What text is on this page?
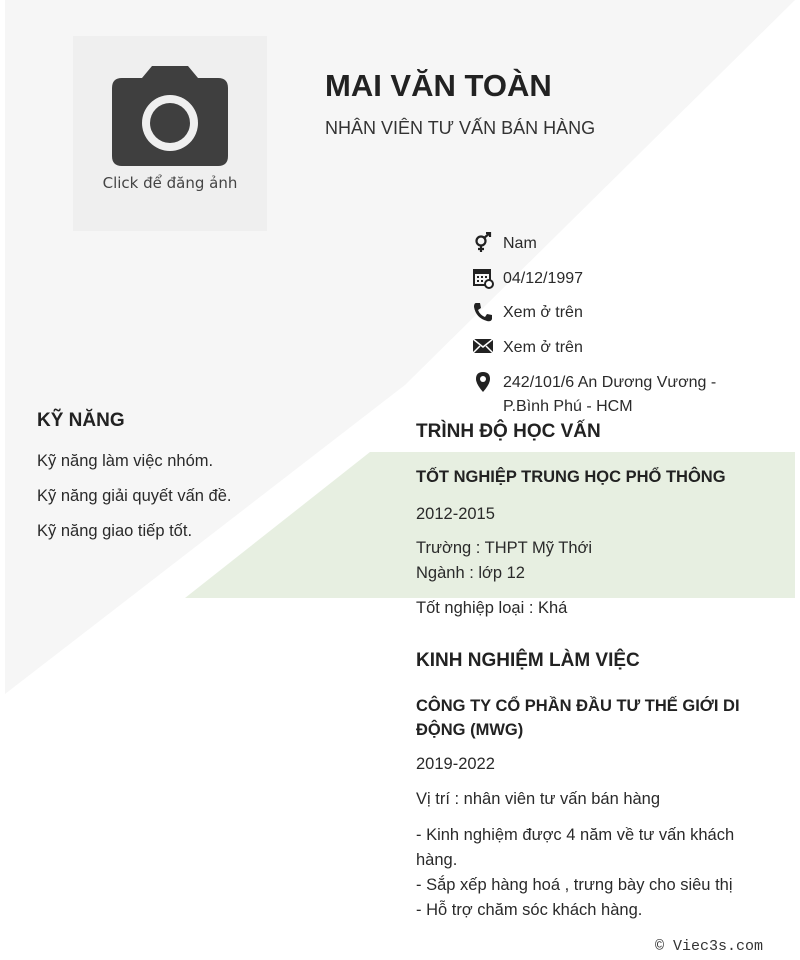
Click để đăng ảnh
MAI VĂN TOÀN
NHÂN VIÊN TƯ VẤN BÁN HÀNG
Nam
04/12/1997
Xem ở trên
Xem ở trên
242/101/6 An Dương Vương - P.Bình Phú - HCM
KỸ NĂNG
Kỹ năng làm việc nhóm.
Kỹ năng giải quyết vấn đề.
Kỹ năng giao tiếp tốt.
TRÌNH ĐỘ HỌC VẤN
TỐT NGHIỆP TRUNG HỌC PHỔ THÔNG
2012-2015
Trường : THPT Mỹ Thới
Ngành : lớp 12
Tốt nghiệp loại : Khá
KINH NGHIỆM LÀM VIỆC
CÔNG TY CỔ PHẦN ĐẦU TƯ THẾ GIỚI DI ĐỘNG (MWG)
2019-2022
Vị trí : nhân viên tư vấn bán hàng
- Kinh nghiệm được 4 năm về tư vấn khách hàng.
- Sắp xếp hàng hoá , trưng bày cho siêu thị
- Hỗ trợ chăm sóc khách hàng.
© Viec3s.com
